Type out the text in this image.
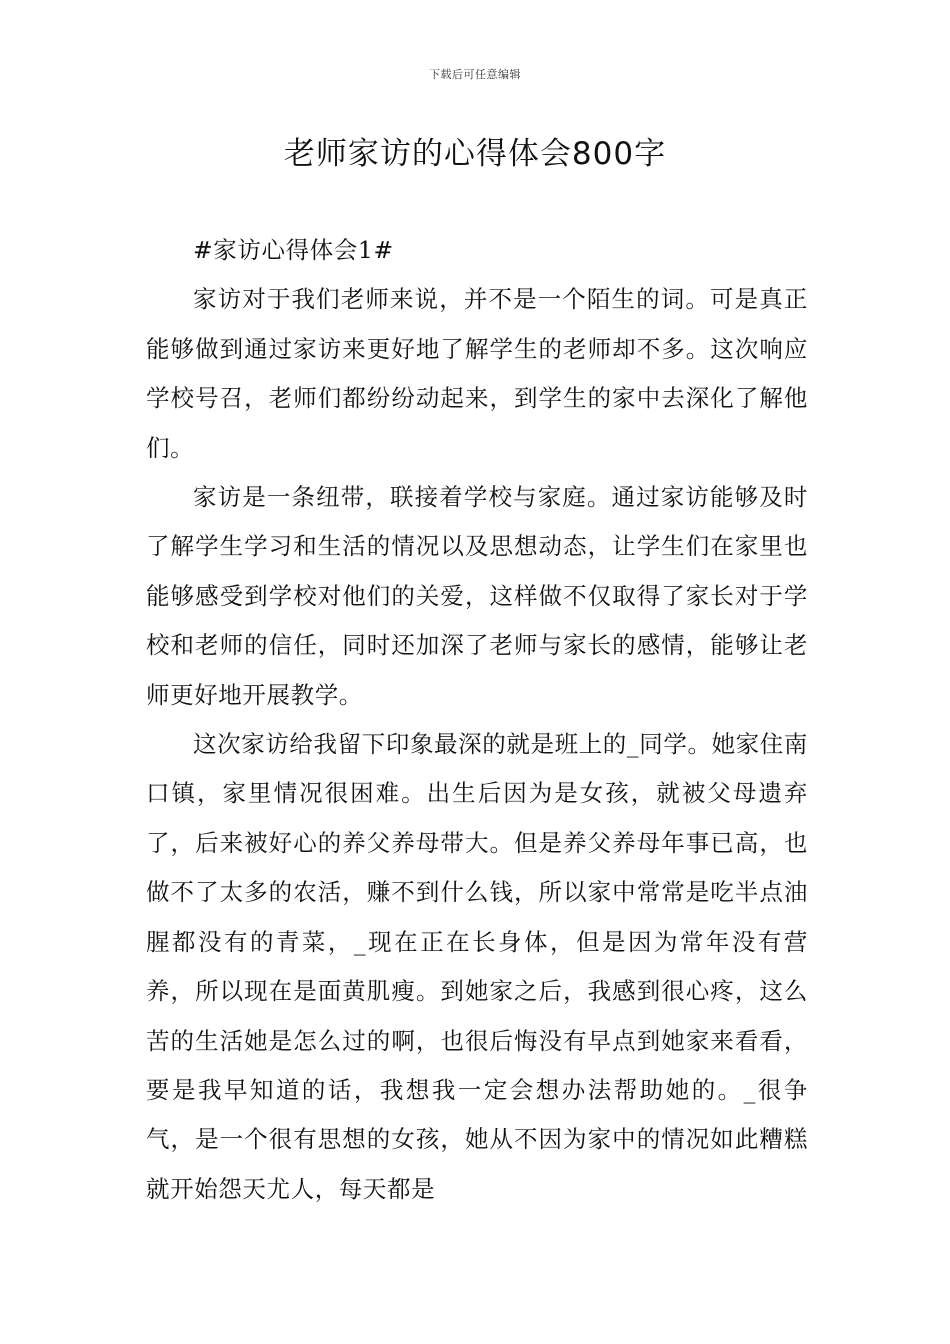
下载后可任意编辑
老师家访的心得体会800字

#家访心得体会1#

家访对于我们老师来说，并不是一个陌生的词。可是真正能够做到通过家访来更好地了解学生的老师却不多。这次响应学校号召，老师们都纷纷动起来，到学生的家中去深化了解他们。

家访是一条纽带，联接着学校与家庭。通过家访能够及时了解学生学习和生活的情况以及思想动态，让学生们在家里也能够感受到学校对他们的关爱，这样做不仅取得了家长对于学校和老师的信任，同时还加深了老师与家长的感情，能够让老师更好地开展教学。

这次家访给我留下印象最深的就是班上的_同学。她家住南口镇，家里情况很困难。出生后因为是女孩，就被父母遗弃了，后来被好心的养父养母带大。但是养父养母年事已高，也做不了太多的农活，赚不到什么钱，所以家中常常是吃半点油腥都没有的青菜，_现在正在长身体，但是因为常年没有营养，所以现在是面黄肌瘦。到她家之后，我感到很心疼，这么苦的生活她是怎么过的啊，也很后悔没有早点到她家来看看，要是我早知道的话，我想我一定会想办法帮助她的。_很争气，是一个很有思想的女孩，她从不因为家中的情况如此糟糕就开始怨天尤人，每天都是
